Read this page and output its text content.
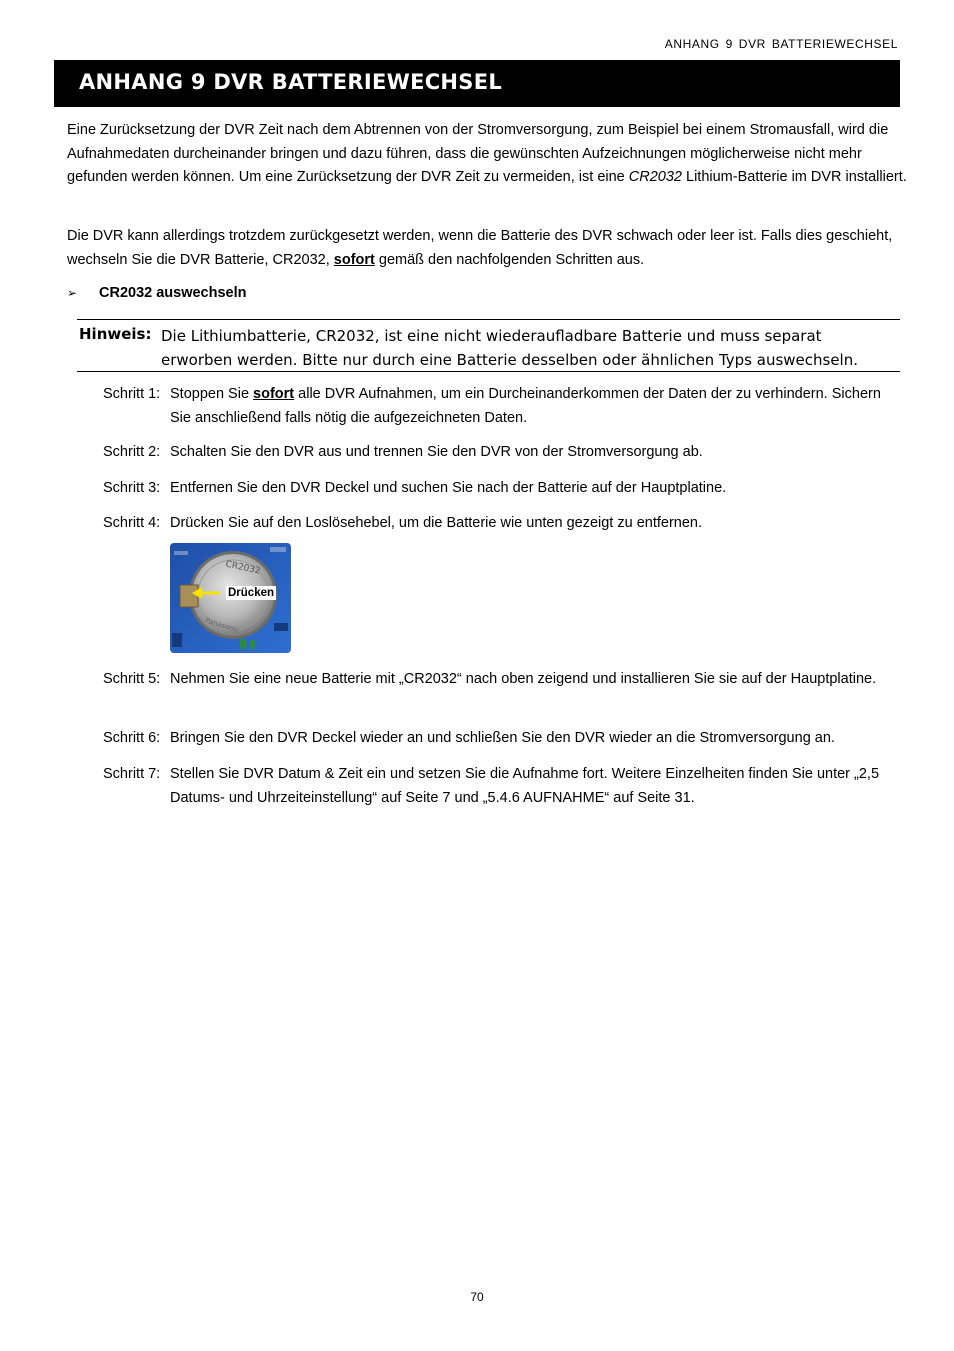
ANHANG 9 DVR BATTERIEWECHSEL
ANHANG 9 DVR BATTERIEWECHSEL
Eine Zurücksetzung der DVR Zeit nach dem Abtrennen von der Stromversorgung, zum Beispiel bei einem Stromausfall, wird die Aufnahmedaten durcheinander bringen und dazu führen, dass die gewünschten Aufzeichnungen möglicherweise nicht mehr gefunden werden können. Um eine Zurücksetzung der DVR Zeit zu vermeiden, ist eine CR2032 Lithium-Batterie im DVR installiert.
Die DVR kann allerdings trotzdem zurückgesetzt werden, wenn die Batterie des DVR schwach oder leer ist. Falls dies geschieht, wechseln Sie die DVR Batterie, CR2032, sofort gemäß den nachfolgenden Schritten aus.
➢ CR2032 auswechseln
Hinweis: Die Lithiumbatterie, CR2032, ist eine nicht wiederaufladbare Batterie und muss separat
erworben werden. Bitte nur durch eine Batterie desselben oder ähnlichen Typs auswechseln.
Schritt 1: Stoppen Sie sofort alle DVR Aufnahmen, um ein Durcheinanderkommen der Daten der zu verhindern. Sichern Sie anschließend falls nötig die aufgezeichneten Daten.
Schritt 2: Schalten Sie den DVR aus und trennen Sie den DVR von der Stromversorgung ab.
Schritt 3: Entfernen Sie den DVR Deckel und suchen Sie nach der Batterie auf der Hauptplatine.
Schritt 4: Drücken Sie auf den Loslösehebel, um die Batterie wie unten gezeigt zu entfernen.
CR2032
Panasonic
Drücken
Schritt 5: Nehmen Sie eine neue Batterie mit „CR2032“ nach oben zeigend und installieren Sie sie auf der Hauptplatine.
Schritt 6: Bringen Sie den DVR Deckel wieder an und schließen Sie den DVR wieder an die Stromversorgung an.
Schritt 7: Stellen Sie DVR Datum & Zeit ein und setzen Sie die Aufnahme fort. Weitere Einzelheiten finden Sie unter „2,5 Datums- und Uhrzeiteinstellung“ auf Seite 7 und „5.4.6 AUFNAHME“ auf Seite 31.
70
